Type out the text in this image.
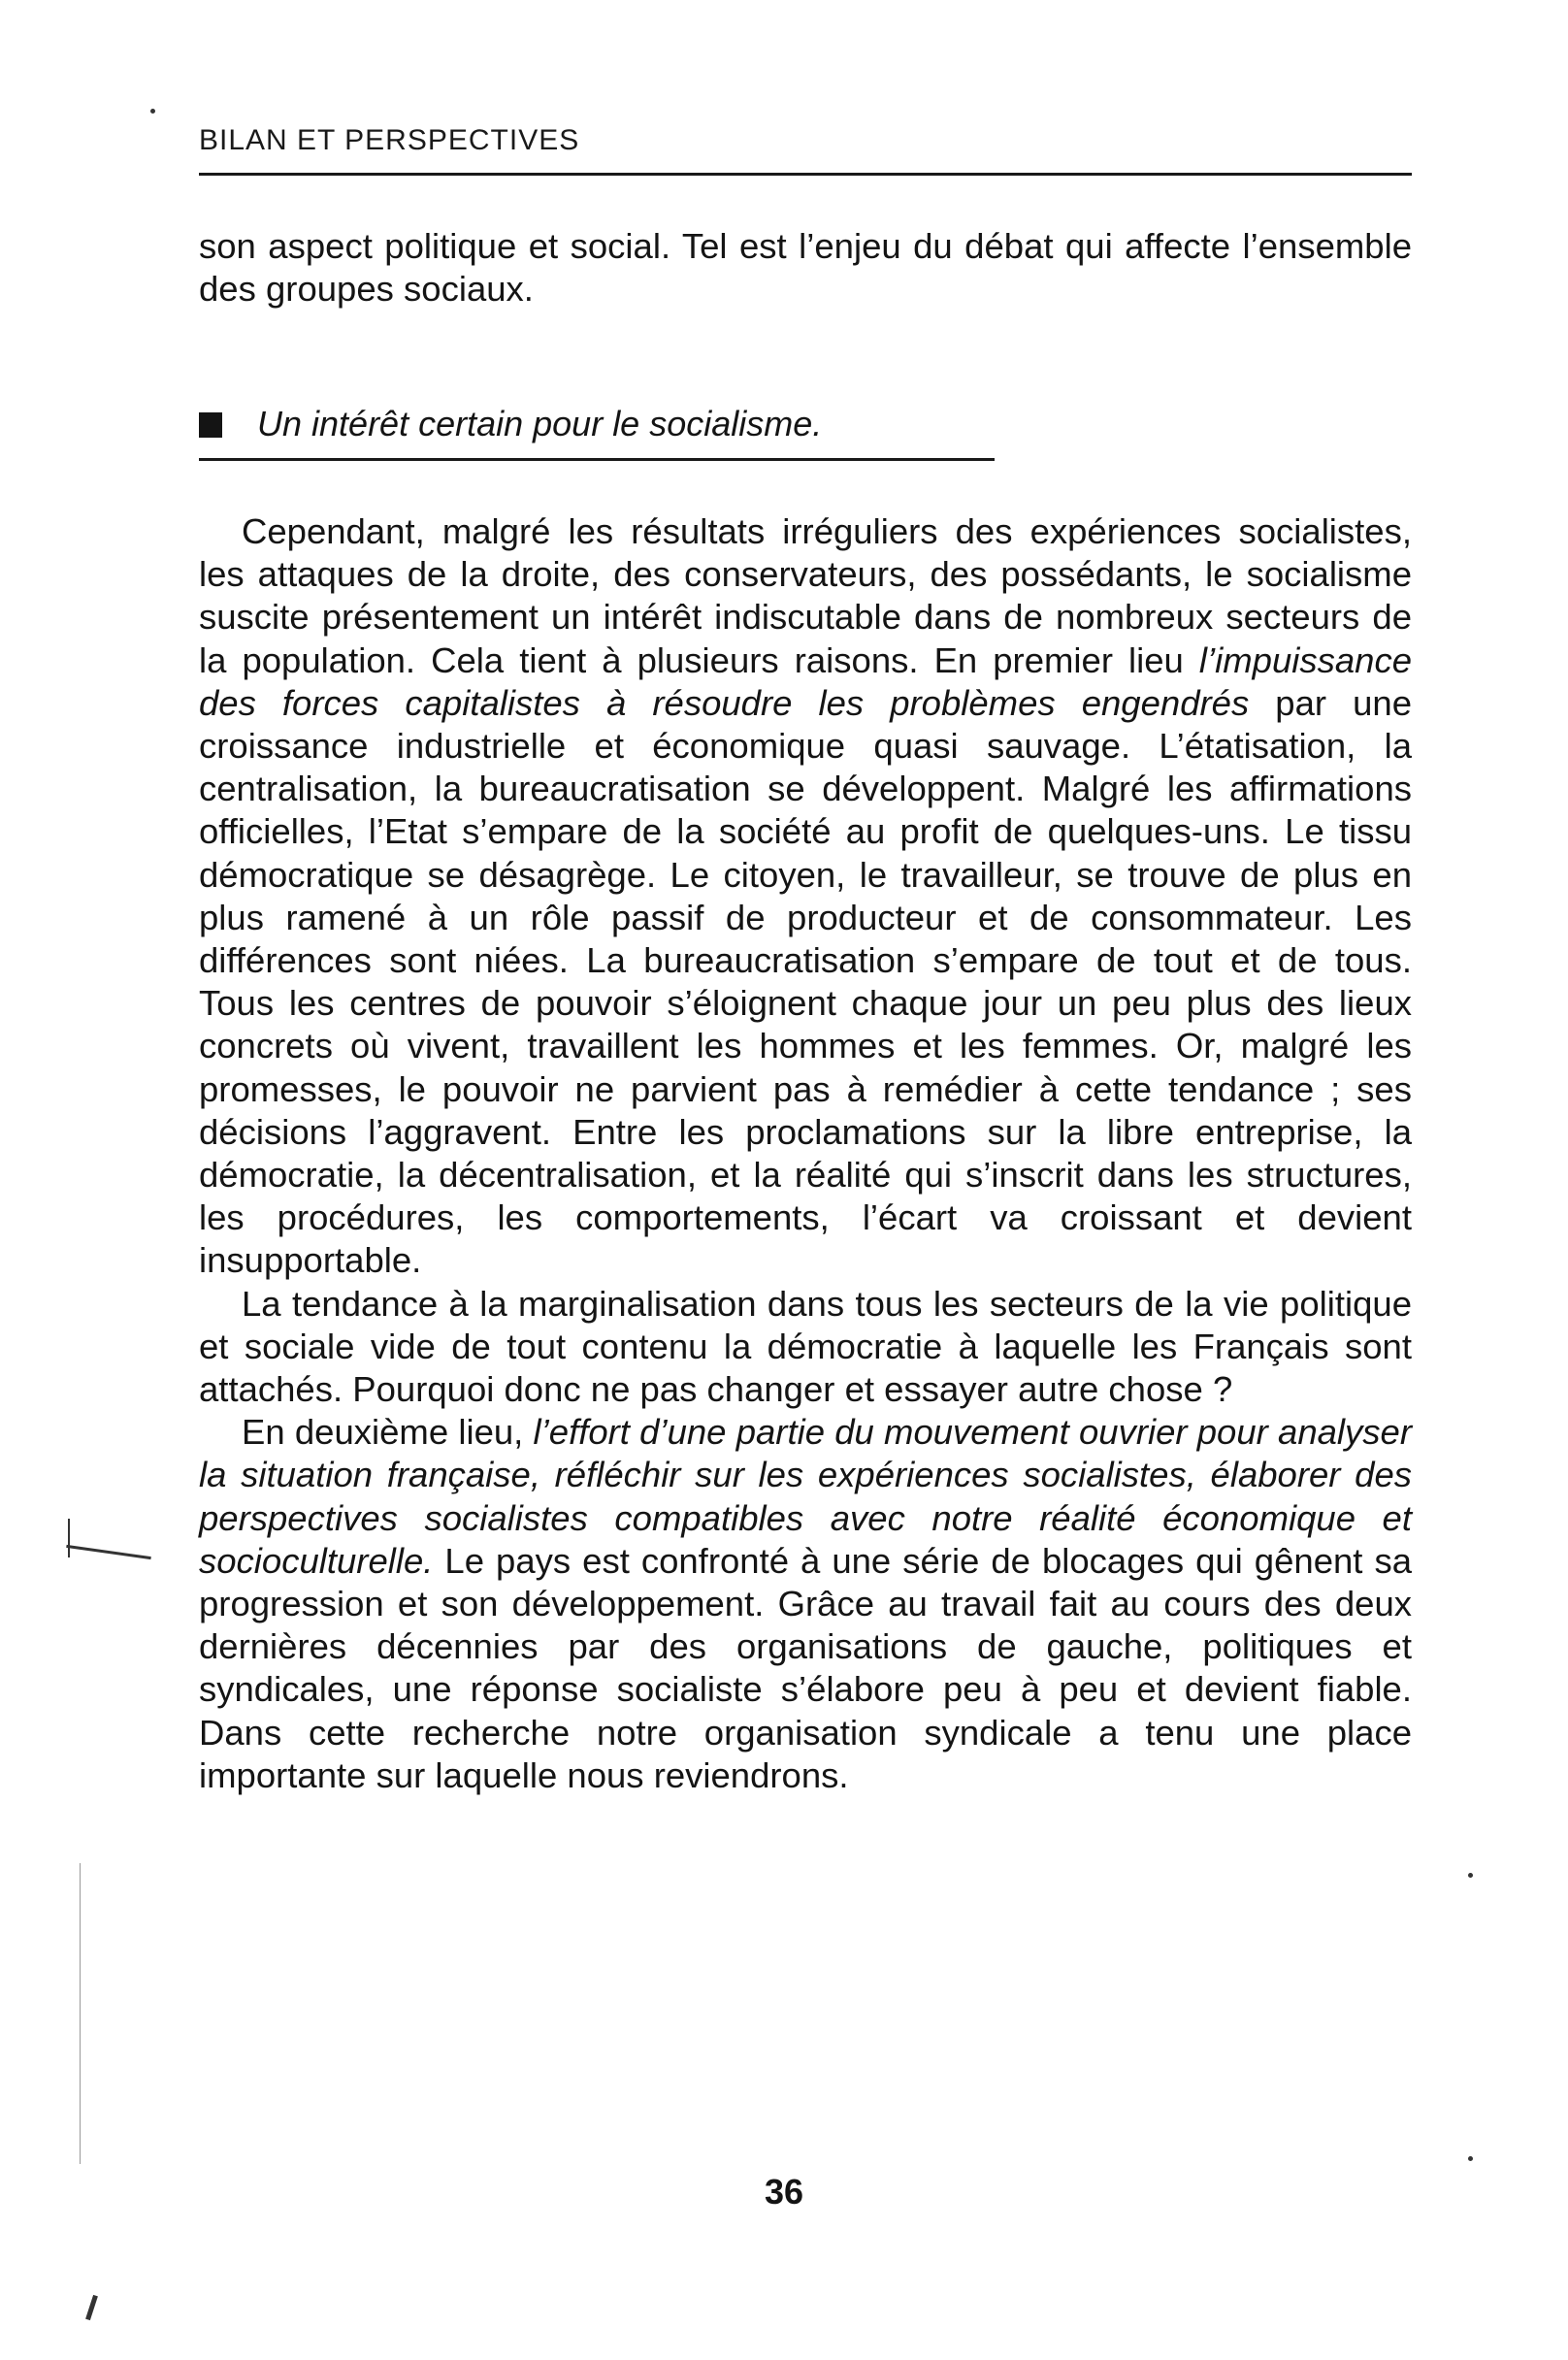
BILAN ET PERSPECTIVES
son aspect politique et social. Tel est l’enjeu du débat qui affecte l’ensemble des groupes sociaux.
Un intérêt certain pour le socialisme.

Cependant, malgré les résultats irréguliers des expériences socialistes, les attaques de la droite, des conservateurs, des possédants, le socialisme suscite présentement un intérêt indiscutable dans de nombreux secteurs de la population. Cela tient à plusieurs raisons. En premier lieu l’impuissance des forces capitalistes à résoudre les problèmes engendrés par une croissance industrielle et économique quasi sauvage. L’étatisation, la centralisation, la bureaucratisation se développent. Malgré les affirmations officielles, l’Etat s’empare de la société au profit de quelques-uns. Le tissu démocratique se désagrège. Le citoyen, le travailleur, se trouve de plus en plus ramené à un rôle passif de producteur et de consommateur. Les différences sont niées. La bureaucratisation s’empare de tout et de tous. Tous les centres de pouvoir s’éloignent chaque jour un peu plus des lieux concrets où vivent, travaillent les hommes et les femmes. Or, malgré les promesses, le pouvoir ne parvient pas à remédier à cette tendance ; ses décisions l’aggravent. Entre les proclamations sur la libre entreprise, la démocratie, la décentralisation, et la réalité qui s’inscrit dans les structures, les procédures, les comportements, l’écart va croissant et devient insupportable.

La tendance à la marginalisation dans tous les secteurs de la vie politique et sociale vide de tout contenu la démocratie à laquelle les Français sont attachés. Pourquoi donc ne pas changer et essayer autre chose ?

En deuxième lieu, l’effort d’une partie du mouvement ouvrier pour analyser la situation française, réfléchir sur les expériences socialistes, élaborer des perspectives socialistes compatibles avec notre réalité économique et socioculturelle. Le pays est confronté à une série de blocages qui gênent sa progression et son développement. Grâce au travail fait au cours des deux dernières décennies par des organisations de gauche, politiques et syndicales, une réponse socialiste s’élabore peu à peu et devient fiable. Dans cette recherche notre organisation syndicale a tenu une place importante sur laquelle nous reviendrons.

36
